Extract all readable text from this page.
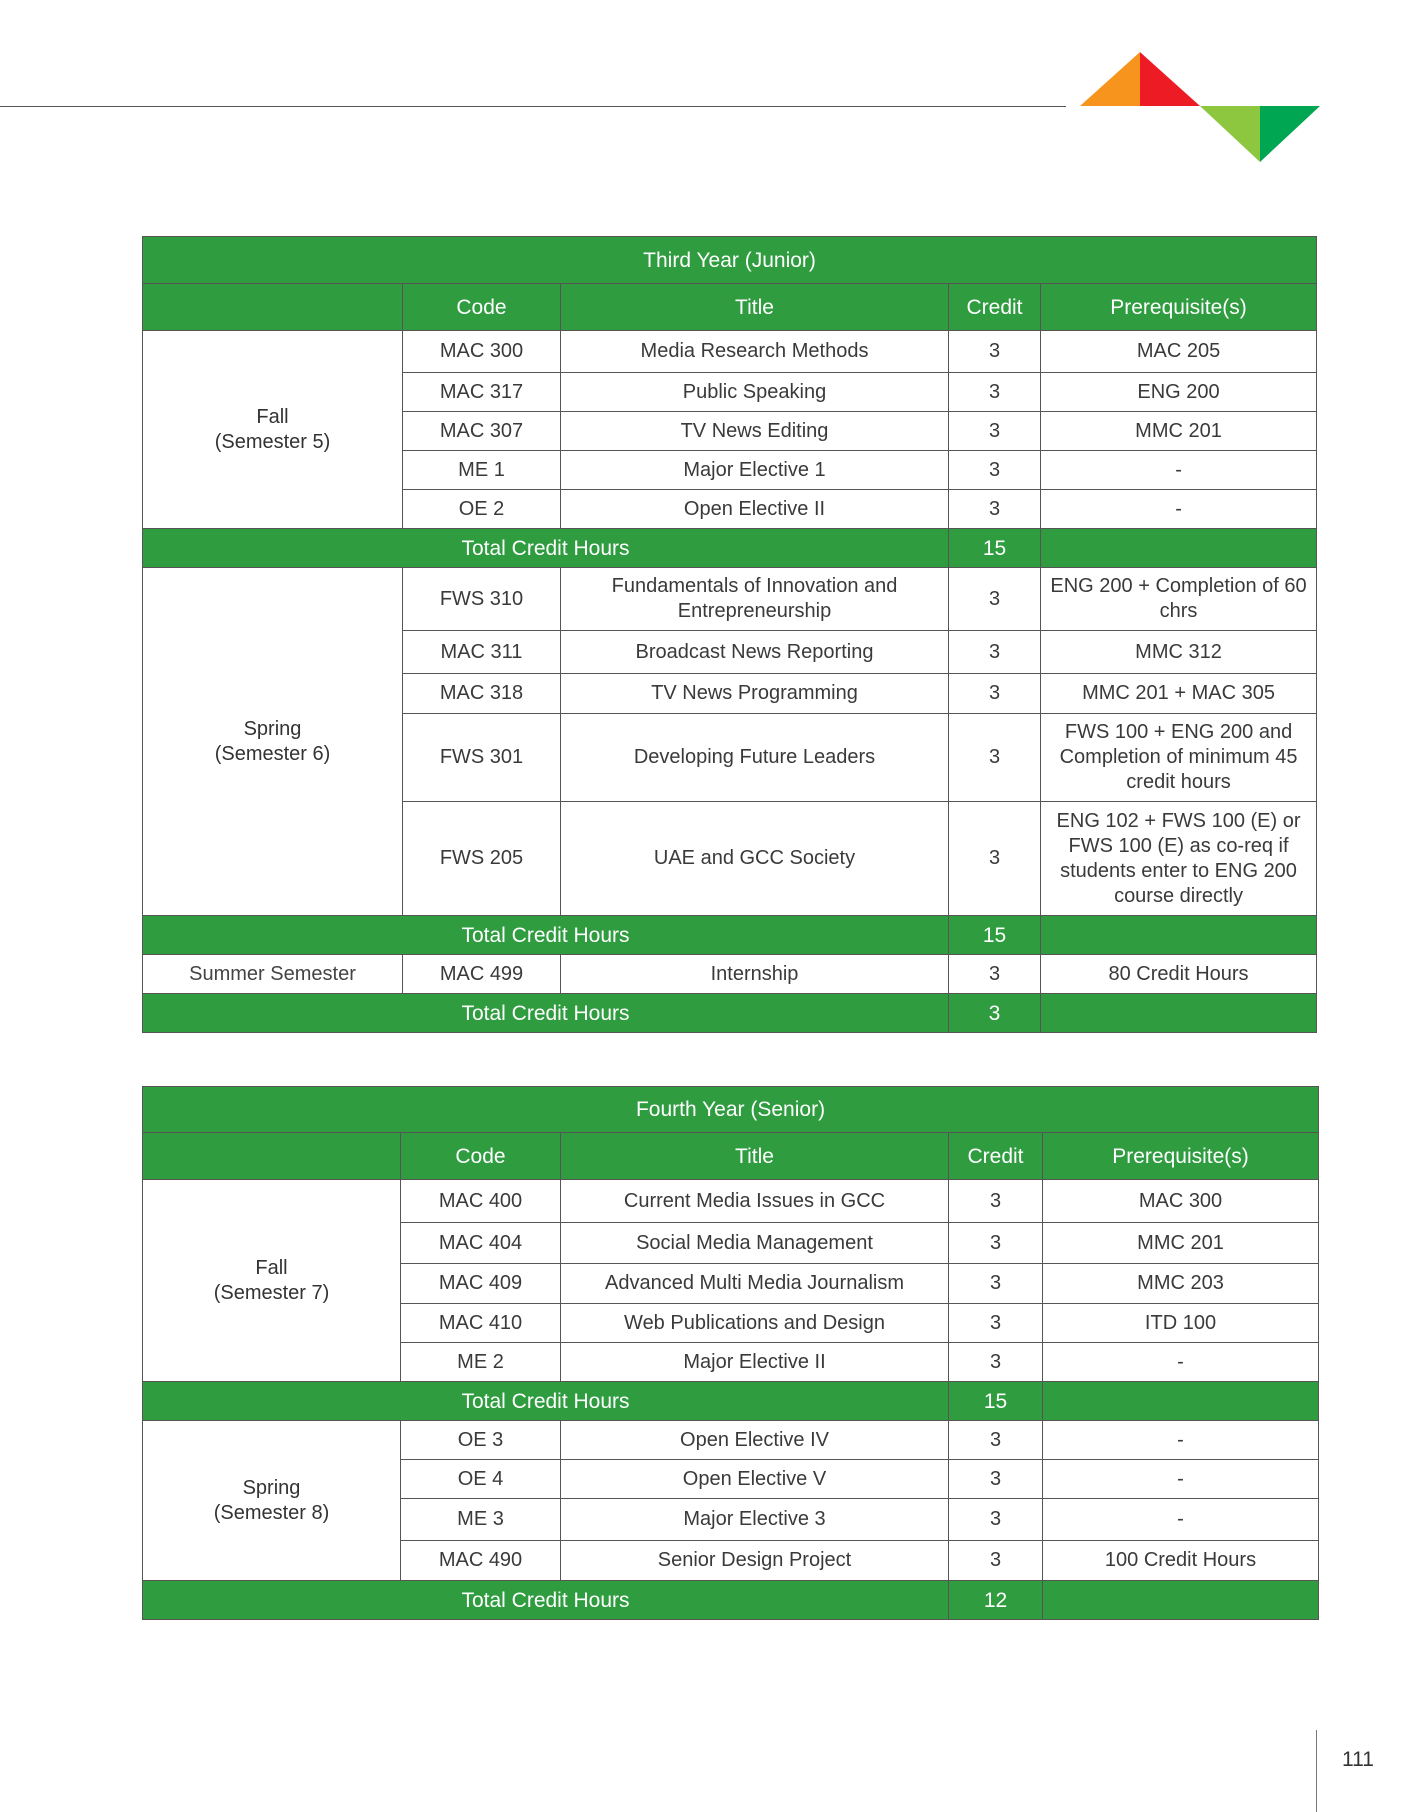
Third Year (Junior)				
	Code	Title	Credit	Prerequisite(s)

Fall
(Semester 5)	MAC 300	Media Research Methods	3	MAC 205
	MAC 317	Public Speaking	3	ENG 200
	MAC 307	TV News Editing	3	MMC 201
	ME 1	Major Elective 1	3	-
	OE 2	Open Elective II	3	-
Total Credit Hours			15	

Spring
(Semester 6)	FWS 310	Fundamentals of Innovation and Entrepreneurship	3	ENG 200 + Completion of 60 chrs
	MAC 311	Broadcast News Reporting	3	MMC 312
	MAC 318	TV News Programming	3	MMC 201 + MAC 305
	FWS 301	Developing Future Leaders	3	FWS 100 + ENG 200 and Completion of minimum 45 credit hours
	FWS 205	UAE and GCC Society	3	ENG 102 + FWS 100 (E) or FWS 100 (E) as co-req if students enter to ENG 200 course directly
Total Credit Hours			15	
Summer Semester	MAC 499	Internship	3	80 Credit Hours
Total Credit Hours			3	
Fourth Year (Senior)				
	Code	Title	Credit	Prerequisite(s)

Fall
(Semester 7)	MAC 400	Current Media Issues in GCC	3	MAC 300
	MAC 404	Social Media Management	3	MMC 201
	MAC 409	Advanced Multi Media Journalism	3	MMC 203
	MAC 410	Web Publications and Design	3	ITD 100
	ME 2	Major Elective II	3	-
Total Credit Hours			15	

Spring
(Semester 8)	OE 3	Open Elective IV	3	-
	OE 4	Open Elective V	3	-
	ME 3	Major Elective 3	3	-
	MAC 490	Senior Design Project	3	100 Credit Hours
Total Credit Hours			12	
111
